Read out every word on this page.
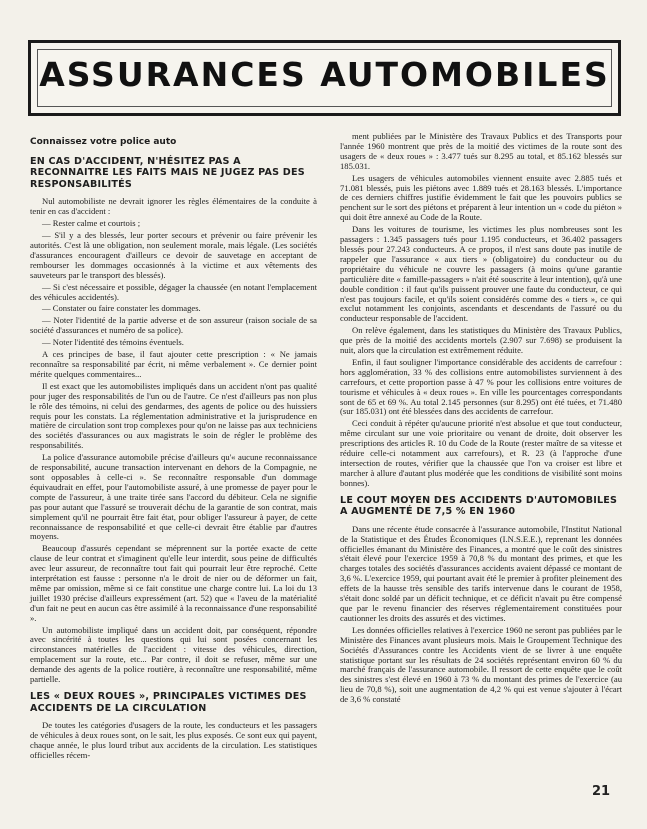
ASSURANCES AUTOMOBILES
Connaissez votre police auto
EN CAS D'ACCIDENT, N'HÉSITEZ PAS A RECONNAITRE LES FAITS MAIS NE JUGEZ PAS DES RESPONSABILITÉS

Nul automobiliste ne devrait ignorer les règles élémentaires de la conduite à tenir en cas d'accident :

— Rester calme et courtois ;

— S'il y a des blessés, leur porter secours et prévenir ou faire prévenir les autorités. C'est là une obligation, non seulement morale, mais légale. (Les sociétés d'assurances encouragent d'ailleurs ce devoir de sauvetage en acceptant de rembourser les dommages occasionnés à la victime et aux vêtements des sauveteurs par le transport des blessés).

— Si c'est nécessaire et possible, dégager la chaussée (en notant l'emplacement des véhicules accidentés).

— Constater ou faire constater les dommages.

— Noter l'identité de la partie adverse et de son assureur (raison sociale de sa société d'assurances et numéro de sa police).

— Noter l'identité des témoins éventuels.

A ces principes de base, il faut ajouter cette prescription : « Ne jamais reconnaître sa responsabilité par écrit, ni même verbalement ». Ce dernier point mérite quelques commentaires...

Il est exact que les automobilistes impliqués dans un accident n'ont pas qualité pour juger des responsabilités de l'un ou de l'autre. Ce n'est d'ailleurs pas non plus le rôle des témoins, ni celui des gendarmes, des agents de police ou des huissiers requis pour les constats. La réglementation administrative et la jurisprudence en matière de circulation sont trop complexes pour qu'on ne laisse pas aux techniciens des sociétés d'assurances ou aux magistrats le soin de régler le problème des responsabilités.

La police d'assurance automobile précise d'ailleurs qu'« aucune reconnaissance de responsabilité, aucune transaction intervenant en dehors de la Compagnie, ne sont opposables à celle-ci ». Se reconnaître responsable d'un dommage équivaudrait en effet, pour l'automobiliste assuré, à une promesse de payer pour le compte de l'assureur, à une traite tirée sans l'accord du débiteur. Cela ne signifie pas pour autant que l'assuré se trouverait déchu de la garantie de son contrat, mais simplement qu'il ne pourrait être fait état, pour obliger l'assureur à payer, de cette reconnaissance de responsabilité et que celle-ci devrait être établie par d'autres moyens.

Beaucoup d'assurés cependant se méprennent sur la portée exacte de cette clause de leur contrat et s'imaginent qu'elle leur interdit, sous peine de difficultés avec leur assureur, de reconnaître tout fait qui pourrait leur être reproché. Cette interprétation est fausse : personne n'a le droit de nier ou de déformer un fait, même par omission, même si ce fait constitue une charge contre lui. La loi du 13 juillet 1930 précise d'ailleurs expressément (art. 52) que « l'aveu de la matérialité d'un fait ne peut en aucun cas être assimilé à la reconnaissance d'une responsabilité ».

Un automobiliste impliqué dans un accident doit, par conséquent, répondre avec sincérité à toutes les questions qui lui sont posées concernant les circonstances matérielles de l'accident : vitesse des véhicules, direction, emplacement sur la route, etc... Par contre, il doit se refuser, même sur une demande des agents de la police routière, à reconnaître une responsabilité, même partielle.

LES « DEUX ROUES », PRINCIPALES VICTIMES DES ACCIDENTS DE LA CIRCULATION

De toutes les catégories d'usagers de la route, les conducteurs et les passagers de véhicules à deux roues sont, on le sait, les plus exposés. Ce sont eux qui payent, chaque année, le plus lourd tribut aux accidents de la circulation. Les statistiques officielles récem-

ment publiées par le Ministère des Travaux Publics et des Transports pour l'année 1960 montrent que près de la moitié des victimes de la route sont des usagers de « deux roues » : 3.477 tués sur 8.295 au total, et 85.162 blessés sur 185.031.

Les usagers de véhicules automobiles viennent ensuite avec 2.885 tués et 71.081 blessés, puis les piétons avec 1.889 tués et 28.163 blessés. L'importance de ces derniers chiffres justifie évidemment le fait que les pouvoirs publics se penchent sur le sort des piétons et préparent à leur intention un « code du piéton » qui doit être annexé au Code de la Route.

Dans les voitures de tourisme, les victimes les plus nombreuses sont les passagers : 1.345 passagers tués pour 1.195 conducteurs, et 36.402 passagers blessés pour 27.243 conducteurs. A ce propos, il n'est sans doute pas inutile de rappeler que l'assurance « aux tiers » (obligatoire) du conducteur ou du propriétaire du véhicule ne couvre les passagers (à moins qu'une garantie particulière dite « famille-passagers » n'ait été souscrite à leur intention), qu'à une double condition : il faut qu'ils puissent prouver une faute du conducteur, ce qui n'est pas toujours facile, et qu'ils soient considérés comme des « tiers », ce qui exclut notamment les conjoints, ascendants et descendants de l'assuré ou du conducteur responsable de l'accident.

On relève également, dans les statistiques du Ministère des Travaux Publics, que près de la moitié des accidents mortels (2.907 sur 7.698) se produisent la nuit, alors que la circulation est extrêmement réduite.

Enfin, il faut souligner l'importance considérable des accidents de carrefour : hors agglomération, 33 % des collisions entre automobilistes surviennent à des carrefours, et cette proportion passe à 47 % pour les collisions entre voitures de tourisme et véhicules à « deux roues ». En ville les pourcentages correspondants sont de 65 et 69 %. Au total 2.145 personnes (sur 8.295) ont été tuées, et 71.480 (sur 185.031) ont été blessées dans des accidents de carrefour.

Ceci conduit à répéter qu'aucune priorité n'est absolue et que tout conducteur, même circulant sur une voie prioritaire ou venant de droite, doit observer les prescriptions des articles R. 10 du Code de la Route (rester maître de sa vitesse et réduire celle-ci notamment aux carrefours), et R. 23 (à l'approche d'une intersection de routes, vérifier que la chaussée que l'on va croiser est libre et marcher à allure d'autant plus modérée que les conditions de visibilité sont moins bonnes).

LE COUT MOYEN DES ACCIDENTS D'AUTOMOBILES A AUGMENTÉ DE 7,5 % EN 1960

Dans une récente étude consacrée à l'assurance automobile, l'Institut National de la Statistique et des Études Économiques (I.N.S.E.E.), reprenant les données officielles émanant du Ministère des Finances, a montré que le coût des sinistres s'était élevé pour l'exercice 1959 à 70,8 % du montant des primes, et que les charges totales des sociétés d'assurances accidents avaient dépassé ce montant de 3,6 %. L'exercice 1959, qui pourtant avait été le premier à profiter pleinement des effets de la hausse très sensible des tarifs intervenue dans le courant de 1958, s'était donc soldé par un déficit technique, et ce déficit n'avait pu être compensé que par le revenu financier des réserves réglementairement constituées pour cautionner les droits des assurés et des victimes.

Les données officielles relatives à l'exercice 1960 ne seront pas publiées par le Ministère des Finances avant plusieurs mois. Mais le Groupement Technique des Sociétés d'Assurances contre les Accidents vient de se livrer à une enquête statistique portant sur les résultats de 24 sociétés représentant environ 60 % du marché français de l'assurance automobile. Il ressort de cette enquête que le coût des sinistres s'est élevé en 1960 à 73 % du montant des primes de l'exercice (au lieu de 70,8 %), soit une augmentation de 4,2 % qui est venue s'ajouter à l'écart de 3,6 % constaté

21
